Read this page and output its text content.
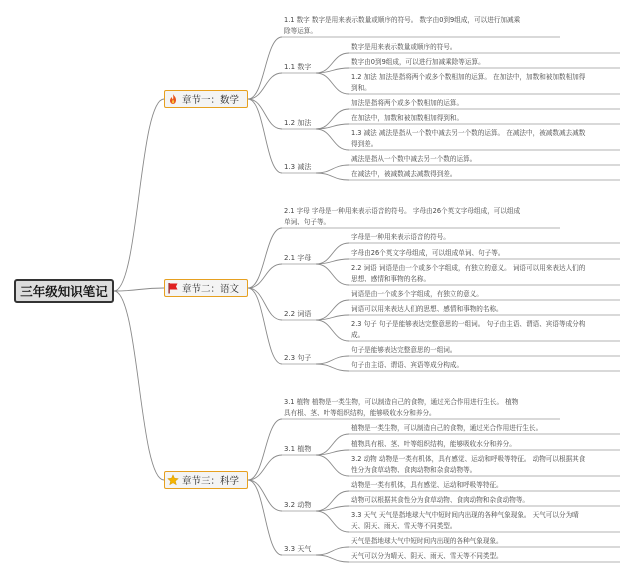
三年级知识笔记
章节一：数学
章节二：语文
章节三：科学
1.1 数字 数字是用来表示数量或顺序的符号。 数字由0到9组成，可以进行加减乘
除等运算。
1.1 数字
数字是用来表示数量或顺序的符号。
数字由0到9组成，可以进行加减乘除等运算。
1.2 加法 加法是指将两个或多个数相加的运算。 在加法中，加数和被加数相加得
到和。
1.2 加法
加法是指将两个或多个数相加的运算。
在加法中，加数和被加数相加得到和。
1.3 减法 减法是指从一个数中减去另一个数的运算。 在减法中，被减数减去减数
得到差。
1.3 减法
减法是指从一个数中减去另一个数的运算。
在减法中，被减数减去减数得到差。
2.1 字母 字母是一种用来表示语音的符号。 字母由26个英文字母组成，可以组成
单词、句子等。
2.1 字母
字母是一种用来表示语音的符号。
字母由26个英文字母组成，可以组成单词、句子等。
2.2 词语 词语是由一个或多个字组成，有独立的意义。 词语可以用来表达人们的
思想、感情和事物的名称。
2.2 词语
词语是由一个或多个字组成，有独立的意义。
词语可以用来表达人们的思想、感情和事物的名称。
2.3 句子 句子是能够表达完整意思的一组词。 句子由主语、谓语、宾语等成分构
成。
2.3 句子
句子是能够表达完整意思的一组词。
句子由主语、谓语、宾语等成分构成。
3.1 植物 植物是一类生物，可以制造自己的食物，通过光合作用进行生长。 植物
具有根、茎、叶等组织结构，能够吸收水分和养分。
3.1 植物
植物是一类生物，可以制造自己的食物，通过光合作用进行生长。
植物具有根、茎、叶等组织结构，能够吸收水分和养分。
3.2 动物 动物是一类有机体，具有感觉、运动和呼吸等特征。 动物可以根据其食
性分为食草动物、食肉动物和杂食动物等。
3.2 动物
动物是一类有机体，具有感觉、运动和呼吸等特征。
动物可以根据其食性分为食草动物、食肉动物和杂食动物等。
3.3 天气 天气是指地球大气中短时间内出现的各种气象现象。 天气可以分为晴
天、阴天、雨天、雪天等不同类型。
3.3 天气
天气是指地球大气中短时间内出现的各种气象现象。
天气可以分为晴天、阴天、雨天、雪天等不同类型。
